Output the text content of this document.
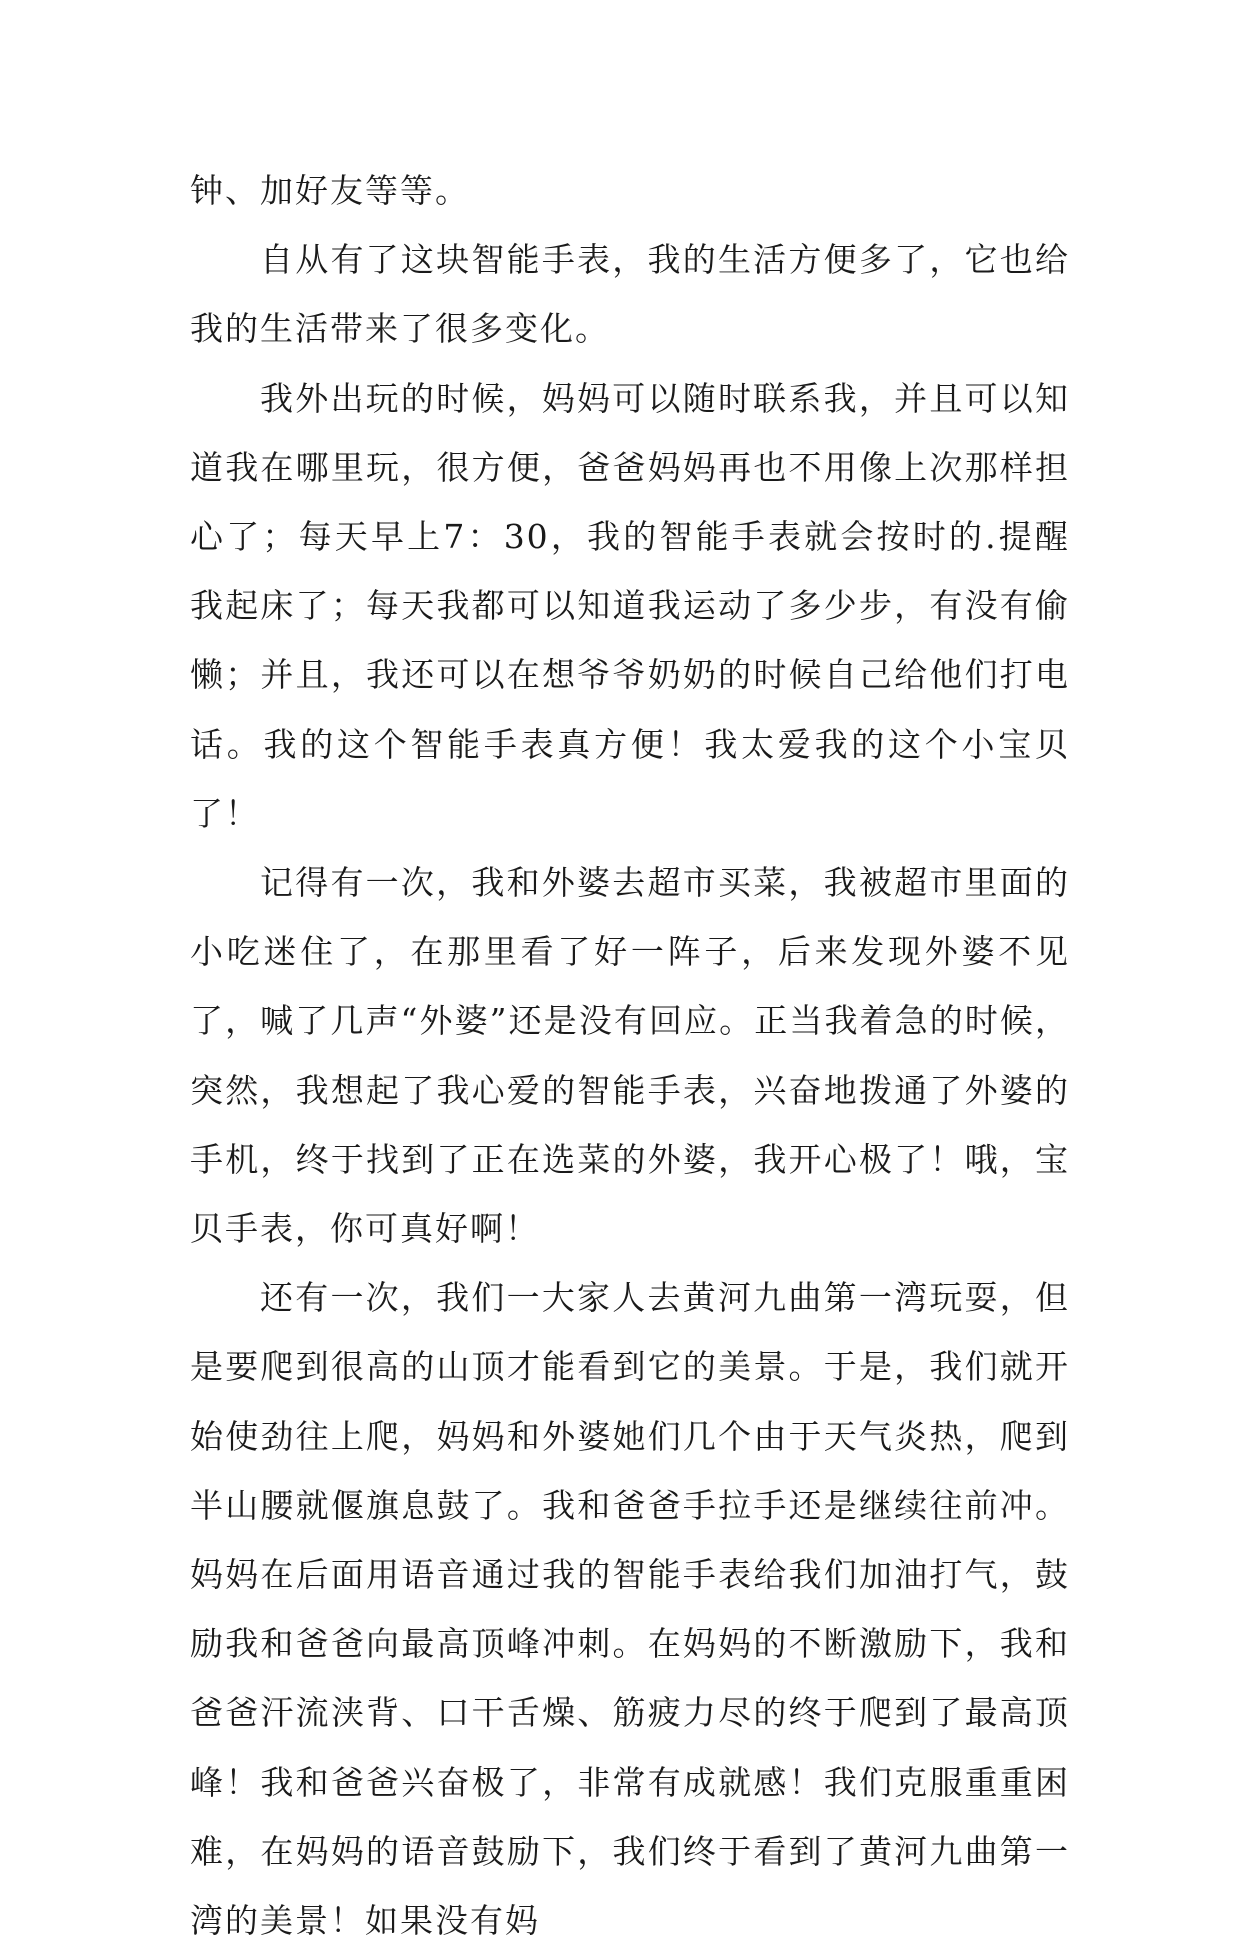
钟、加好友等等。

自从有了这块智能手表，我的生活方便多了，它也给我的生活带来了很多变化。

我外出玩的时候，妈妈可以随时联系我，并且可以知道我在哪里玩，很方便，爸爸妈妈再也不用像上次那样担心了；每天早上7：30，我的智能手表就会按时的.提醒我起床了；每天我都可以知道我运动了多少步，有没有偷懒；并且，我还可以在想爷爷奶奶的时候自己给他们打电话。我的这个智能手表真方便！我太爱我的这个小宝贝了！

记得有一次，我和外婆去超市买菜，我被超市里面的小吃迷住了，在那里看了好一阵子，后来发现外婆不见了，喊了几声“外婆”还是没有回应。正当我着急的时候，突然，我想起了我心爱的智能手表，兴奋地拨通了外婆的手机，终于找到了正在选菜的外婆，我开心极了！哦，宝贝手表，你可真好啊！

还有一次，我们一大家人去黄河九曲第一湾玩耍，但是要爬到很高的山顶才能看到它的美景。于是，我们就开始使劲往上爬，妈妈和外婆她们几个由于天气炎热，爬到半山腰就偃旗息鼓了。我和爸爸手拉手还是继续往前冲。妈妈在后面用语音通过我的智能手表给我们加油打气，鼓励我和爸爸向最高顶峰冲刺。在妈妈的不断激励下，我和爸爸汗流浃背、口干舌燥、筋疲力尽的终于爬到了最高顶峰！我和爸爸兴奋极了，非常有成就感！我们克服重重困难，在妈妈的语音鼓励下，我们终于看到了黄河九曲第一湾的美景！如果没有妈
